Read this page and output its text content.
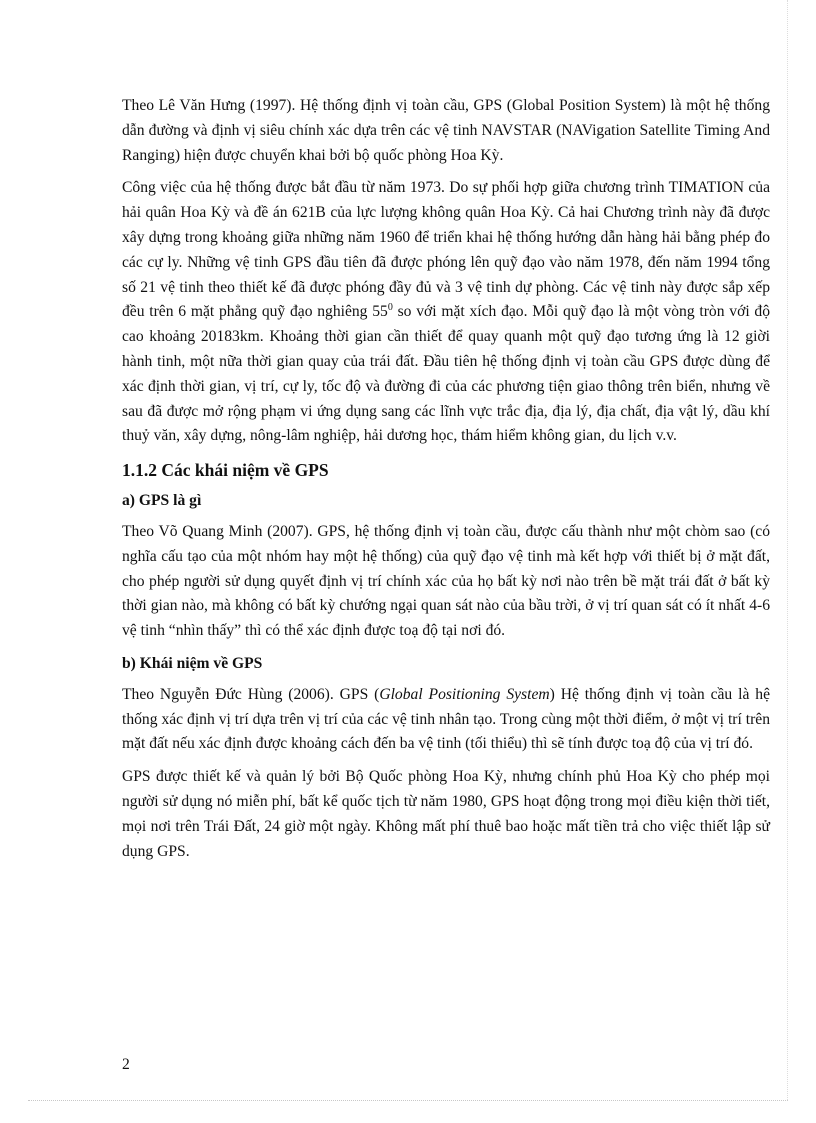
Theo Lê Văn Hưng (1997). Hệ thống định vị toàn cầu, GPS (Global Position System) là một hệ thống dẫn đường và định vị siêu chính xác dựa trên các vệ tinh NAVSTAR (NAVigation Satellite Timing And Ranging) hiện được chuyển khai bởi bộ quốc phòng Hoa Kỳ.

Công việc của hệ thống được bắt đầu từ năm 1973. Do sự phối hợp giữa chương trình TIMATION của hải quân Hoa Kỳ và đề án 621B của lực lượng không quân Hoa Kỳ. Cả hai Chương trình này đã được xây dựng trong khoảng giữa những năm 1960 để triển khai hệ thống hướng dẫn hàng hải bằng phép đo các cự ly. Những vệ tinh GPS đầu tiên đã được phóng lên quỹ đạo vào năm 1978, đến năm 1994 tổng số 21 vệ tinh theo thiết kế đã được phóng đầy đủ và 3 vệ tinh dự phòng. Các vệ tinh này được sắp xếp đều trên 6 mặt phẳng quỹ đạo nghiêng $55^0$ so với mặt xích đạo. Mỗi quỹ đạo là một vòng tròn với độ cao khoảng 20183km. Khoảng thời gian cần thiết để quay quanh một quỹ đạo tương ứng là 12 giời hành tinh, một nữa thời gian quay của trái đất. Đầu tiên hệ thống định vị toàn cầu GPS được dùng để xác định thời gian, vị trí, cự ly, tốc độ và đường đi của các phương tiện giao thông trên biển, nhưng về sau đã được mở rộng phạm vi ứng dụng sang các lĩnh vực trắc địa, địa lý, địa chất, địa vật lý, dầu khí thuỷ văn, xây dựng, nông-lâm nghiệp, hải dương học, thám hiểm không gian, du lịch v.v.

1.1.2 Các khái niệm về GPS
a) GPS là gì

Theo Võ Quang Minh (2007). GPS, hệ thống định vị toàn cầu, được cấu thành như một chòm sao (có nghĩa cấu tạo của một nhóm hay một hệ thống) của quỹ đạo vệ tinh mà kết hợp với thiết bị ở mặt đất, cho phép người sử dụng quyết định vị trí chính xác của họ bất kỳ nơi nào trên bề mặt trái đất ở bất kỳ thời gian nào, mà không có bất kỳ chướng ngại quan sát nào của bầu trời, ở vị trí quan sát có ít nhất 4-6 vệ tinh “nhìn thấy” thì có thể xác định được toạ độ tại nơi đó.

b) Khái niệm về GPS

Theo Nguyễn Đức Hùng (2006). GPS (Global Positioning System) Hệ thống định vị toàn cầu là hệ thống xác định vị trí dựa trên vị trí của các vệ tinh nhân tạo. Trong cùng một thời điểm, ở một vị trí trên mặt đất nếu xác định được khoảng cách đến ba vệ tinh (tối thiểu) thì sẽ tính được toạ độ của vị trí đó.

GPS được thiết kế và quản lý bởi Bộ Quốc phòng Hoa Kỳ, nhưng chính phủ Hoa Kỳ cho phép mọi người sử dụng nó miễn phí, bất kể quốc tịch từ năm 1980, GPS hoạt động trong mọi điều kiện thời tiết, mọi nơi trên Trái Đất, 24 giờ một ngày. Không mất phí thuê bao hoặc mất tiền trả cho việc thiết lập sử dụng GPS.

2
